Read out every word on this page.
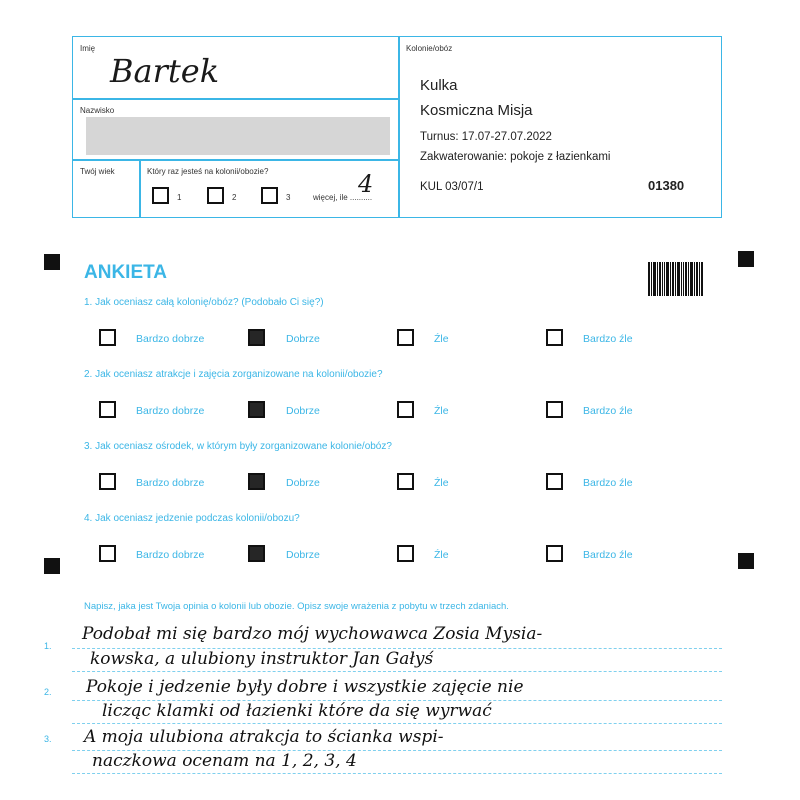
Imię
Bartek
Nazwisko
Twój wiek	Który raz jesteś na kolonii/obozie?
1	2	3	więcej, ile ..........
4
Kolonie/obóz
Kulka
Kosmiczna Misja
Turnus: 17.07-27.07.2022
Zakwaterowanie: pokoje z łazienkami
KUL 03/07/1	01380
ANKIETA
1. Jak oceniasz całą kolonię/obóz? (Podobało Ci się?)
Bardzo dobrze	Dobrze	Źle	Bardzo źle
2. Jak oceniasz atrakcje i zajęcia zorganizowane na kolonii/obozie?
Bardzo dobrze	Dobrze	Źle	Bardzo źle
3. Jak oceniasz ośrodek, w którym były zorganizowane kolonie/obóz?
Bardzo dobrze	Dobrze	Źle	Bardzo źle
4. Jak oceniasz jedzenie podczas kolonii/obozu?
Bardzo dobrze	Dobrze	Źle	Bardzo źle
Napisz, jaka jest Twoja opinia o kolonii lub obozie. Opisz swoje wrażenia z pobytu w trzech zdaniach.
1.
2.
3.
Podobał mi się bardzo mój wychowawca Zosia Mysia-
kowska, a ulubiony instruktor Jan Gałyś
Pokoje i jedzenie były dobre i wszystkie zajęcie nie
licząc klamki od łazienki które da się wyrwać
A moja ulubiona atrakcja to ścianka wspi-
naczkowa ocenam na 1, 2, 3, 4
